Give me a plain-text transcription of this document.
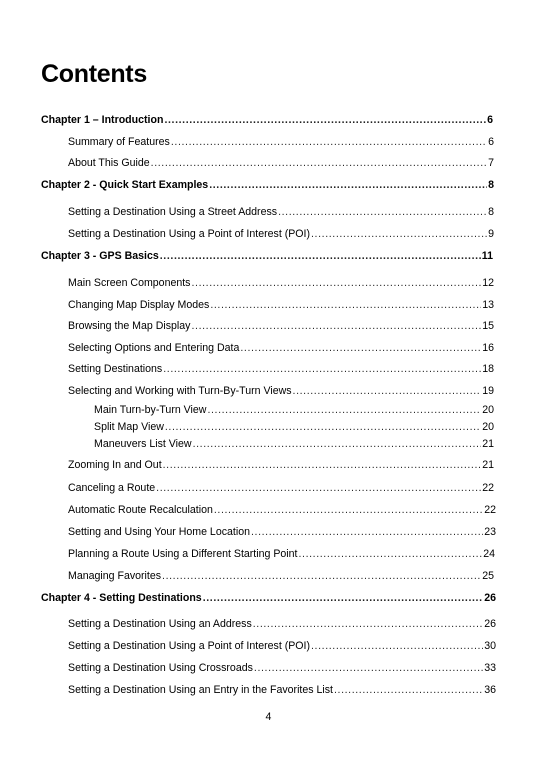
Contents
Chapter 1 – Introduction .....	6
Summary of Features .....	6
About This Guide .....	7
Chapter 2 - Quick Start Examples .....	8
Setting a Destination Using a Street Address .....	8
Setting a Destination Using a Point of Interest (POI) .....	9
Chapter 3 - GPS Basics .....	11
Main Screen Components .....	12
Changing Map Display Modes .....	13
Browsing the Map Display .....	15
Selecting Options and Entering Data .....	16
Setting Destinations .....	18
Selecting and Working with Turn-By-Turn Views .....	19
Main Turn-by-Turn View .....	20
Split Map View .....	20
Maneuvers List View .....	21
Zooming In and Out .....	21
Canceling a Route .....	22
Automatic Route Recalculation .....	22
Setting and Using Your Home Location .....	23
Planning a Route Using a Different Starting Point .....	24
Managing Favorites .....	25
Chapter 4 - Setting Destinations .....	26
Setting a Destination Using an Address .....	26
Setting a Destination Using a Point of Interest (POI) .....	30
Setting a Destination Using Crossroads .....	33
Setting a Destination Using an Entry in the Favorites List .....	36
4
